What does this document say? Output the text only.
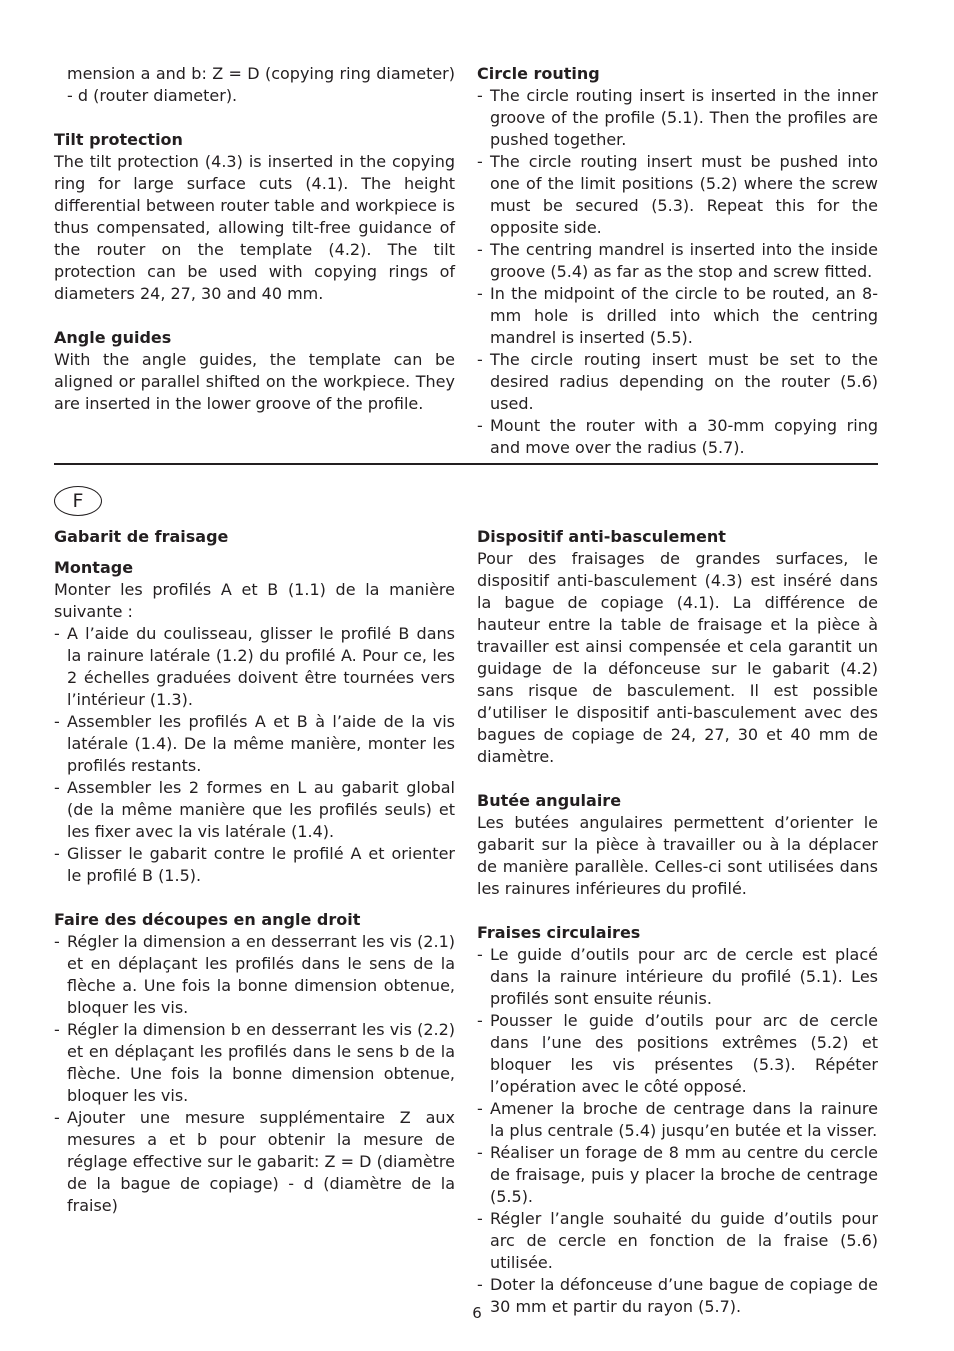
mension a and b: Z = D (copying ring diameter) - d (router diameter).

Tilt protection

The tilt protection (4.3) is inserted in the copying ring for large surface cuts (4.1). The height differential between router table and workpiece is thus compensated, allowing tilt-free guidance of the router on the template (4.2). The tilt protection can be used with copying rings of diameters 24, 27, 30 and 40 mm.

Angle guides

With the angle guides, the template can be aligned or parallel shifted on the workpiece. They are inserted in the lower groove of the profile.

Circle routing

- The circle routing insert is inserted in the inner groove of the profile (5.1). Then the profiles are pushed together.
- The circle routing insert must be pushed into one of the limit positions (5.2) where the screw must be secured (5.3). Repeat this for the opposite side.
- The centring mandrel is inserted into the inside groove (5.4) as far as the stop and screw fitted.
- In the midpoint of the circle to be routed, an 8-mm hole is drilled into which the centring mandrel is inserted (5.5).
- The circle routing insert must be set to the desired radius depending on the router (5.6) used.
- Mount the router with a 30-mm copying ring and move over the radius (5.7).
F

Gabarit de fraisage

Montage

Monter les profilés A et B (1.1) de la manière suivante :

- A l’aide du coulisseau, glisser le profilé B dans la rainure latérale (1.2) du profilé A. Pour ce, les 2 échelles graduées doivent être tournées vers l’intérieur (1.3).
- Assembler les profilés A et B à l’aide de la vis latérale (1.4). De la même manière, monter les profilés restants.
- Assembler les 2 formes en L au gabarit global (de la même manière que les profilés seuls) et les fixer avec la vis latérale (1.4).
- Glisser le gabarit contre le profilé A et orienter le profilé B (1.5).

Faire des découpes en angle droit

- Régler la dimension a en desserrant les vis (2.1) et en déplaçant les profilés dans le sens de la flèche a. Une fois la bonne dimension obtenue, bloquer les vis.
- Régler la dimension b en desserrant les vis (2.2) et en déplaçant les profilés dans le sens b de la flèche. Une fois la bonne dimension obtenue, bloquer les vis.
- Ajouter une mesure supplémentaire Z aux mesures a et b pour obtenir la mesure de réglage effective sur le gabarit: Z = D (diamètre de la bague de copiage) - d (diamètre de la fraise)

Dispositif anti-basculement

Pour des fraisages de grandes surfaces, le dispositif anti-basculement (4.3) est inséré dans la bague de copiage (4.1). La différence de hauteur entre la table de fraisage et la pièce à travailler est ainsi compensée et cela garantit un guidage de la défonceuse sur le gabarit (4.2) sans risque de basculement. Il est possible d’utiliser le dispositif anti-basculement avec des bagues de copiage de 24, 27, 30 et 40 mm de diamètre.

Butée angulaire

Les butées angulaires permettent d’orienter le gabarit sur la pièce à travailler ou à la déplacer de manière parallèle. Celles-ci sont utilisées dans les rainures inférieures du profilé.

Fraises circulaires

- Le guide d’outils pour arc de cercle est placé dans la rainure intérieure du profilé (5.1). Les profilés sont ensuite réunis.
- Pousser le guide d’outils pour arc de cercle dans l’une des positions extrêmes (5.2) et bloquer les vis présentes (5.3). Répéter l’opération avec le côté opposé.
- Amener la broche de centrage dans la rainure la plus centrale (5.4) jusqu’en butée et la visser.
- Réaliser un forage de 8 mm au centre du cercle de fraisage, puis y placer la broche de centrage (5.5).
- Régler l’angle souhaité du guide d’outils pour arc de cercle en fonction de la fraise (5.6) utilisée.
- Doter la défonceuse d’une bague de copiage de 30 mm et partir du rayon (5.7).
6
